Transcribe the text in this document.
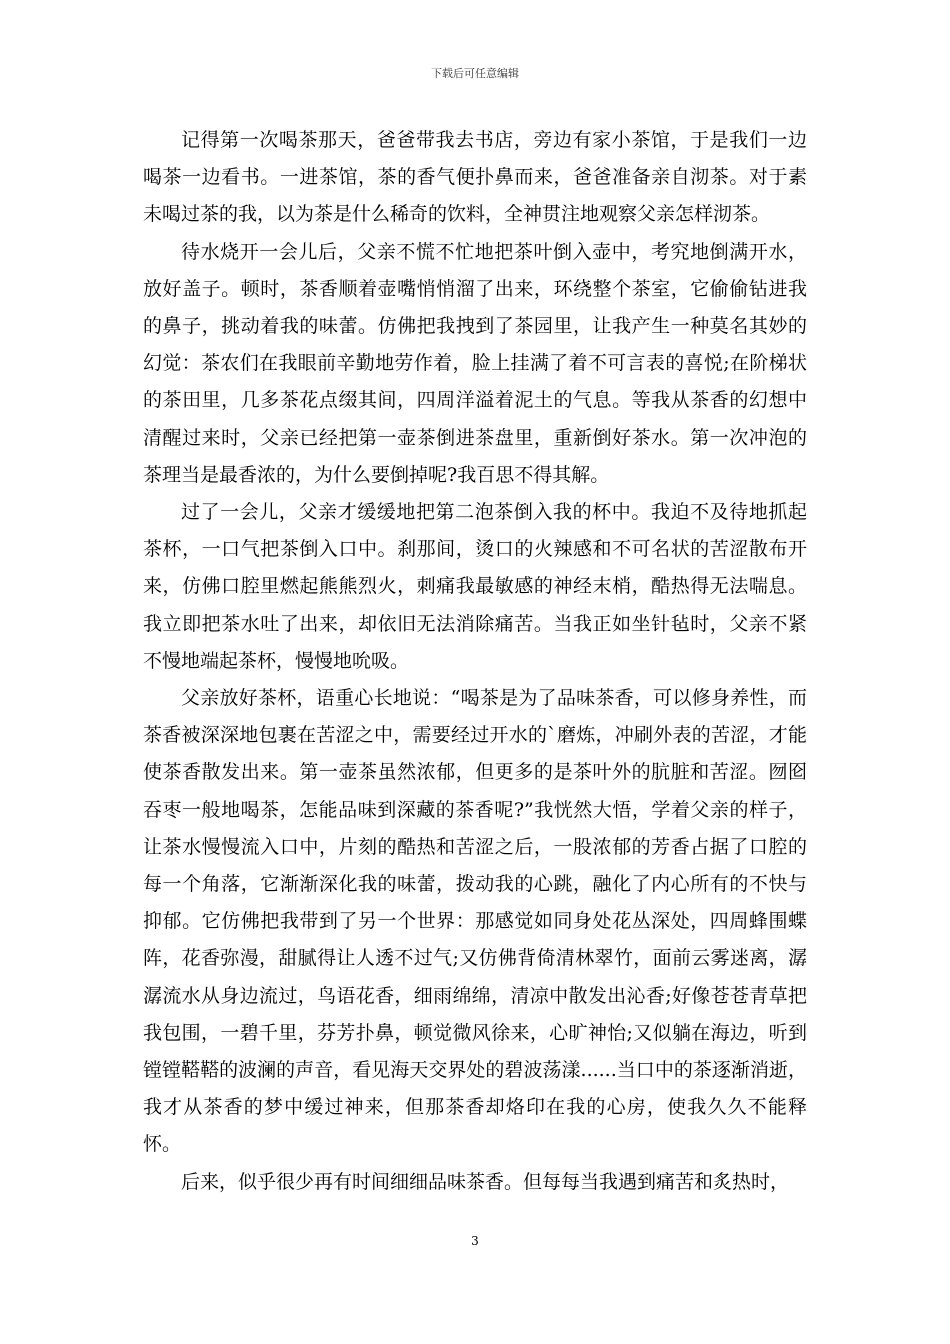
下载后可任意编辑

记得第一次喝茶那天，爸爸带我去书店，旁边有家小茶馆，于是我们一边喝茶一边看书。一进茶馆，茶的香气便扑鼻而来，爸爸准备亲自沏茶。对于素未喝过茶的我，以为茶是什么稀奇的饮料，全神贯注地观察父亲怎样沏茶。

待水烧开一会儿后，父亲不慌不忙地把茶叶倒入壶中，考究地倒满开水，放好盖子。顿时，茶香顺着壶嘴悄悄溜了出来，环绕整个茶室，它偷偷钻进我的鼻子，挑动着我的味蕾。仿佛把我拽到了茶园里，让我产生一种莫名其妙的幻觉：茶农们在我眼前辛勤地劳作着，脸上挂满了着不可言表的喜悦;在阶梯状的茶田里，几多茶花点缀其间，四周洋溢着泥土的气息。等我从茶香的幻想中清醒过来时，父亲已经把第一壶茶倒进茶盘里，重新倒好茶水。第一次冲泡的茶理当是最香浓的，为什么要倒掉呢?我百思不得其解。

过了一会儿，父亲才缓缓地把第二泡茶倒入我的杯中。我迫不及待地抓起茶杯，一口气把茶倒入口中。刹那间，烫口的火辣感和不可名状的苦涩散布开来，仿佛口腔里燃起熊熊烈火，刺痛我最敏感的神经末梢，酷热得无法喘息。我立即把茶水吐了出来，却依旧无法消除痛苦。当我正如坐针毡时，父亲不紧不慢地端起茶杯，慢慢地吮吸。

父亲放好茶杯，语重心长地说：“喝茶是为了品味茶香，可以修身养性，而茶香被深深地包裹在苦涩之中，需要经过开水的`磨炼，冲刷外表的苦涩，才能使茶香散发出来。第一壶茶虽然浓郁，但更多的是茶叶外的肮脏和苦涩。囫囵吞枣一般地喝茶，怎能品味到深藏的茶香呢?”我恍然大悟，学着父亲的样子，让茶水慢慢流入口中，片刻的酷热和苦涩之后，一股浓郁的芳香占据了口腔的每一个角落，它渐渐深化我的味蕾，拨动我的心跳，融化了内心所有的不快与抑郁。它仿佛把我带到了另一个世界：那感觉如同身处花丛深处，四周蜂围蝶阵，花香弥漫，甜腻得让人透不过气;又仿佛背倚清林翠竹，面前云雾迷离，潺潺流水从身边流过，鸟语花香，细雨绵绵，清凉中散发出沁香;好像苍苍青草把我包围，一碧千里，芬芳扑鼻，顿觉微风徐来，心旷神怡;又似躺在海边，听到镗镗鞳鞳的波澜的声音，看见海天交界处的碧波荡漾......当口中的茶逐渐消逝，我才从茶香的梦中缓过神来，但那茶香却烙印在我的心房，使我久久不能释怀。

后来，似乎很少再有时间细细品味茶香。但每每当我遇到痛苦和炙热时，

3
